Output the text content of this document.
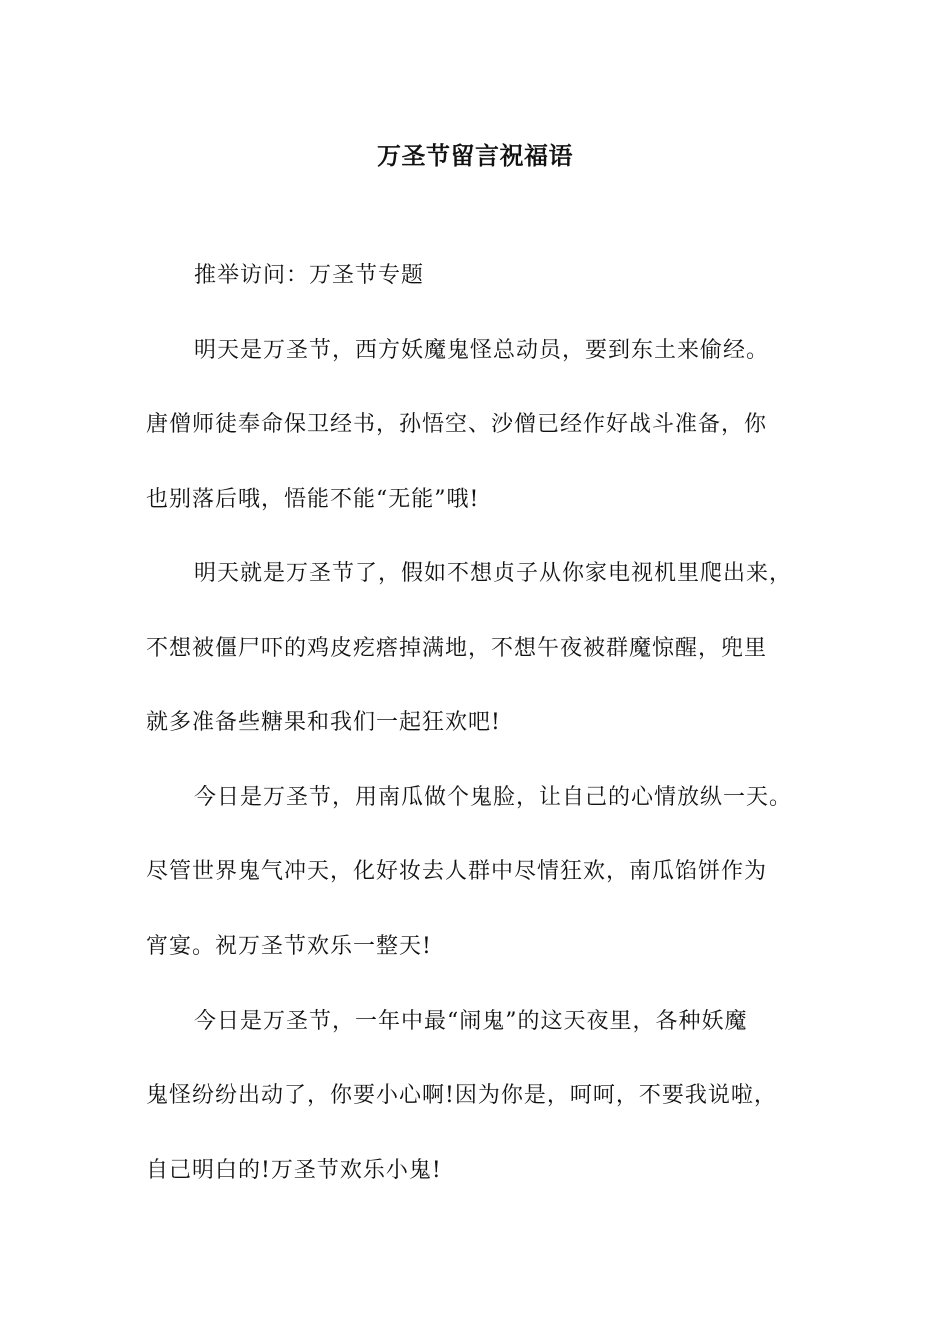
万圣节留言祝福语
推举访问：万圣节专题
明天是万圣节，西方妖魔鬼怪总动员，要到东土来偷经。
唐僧师徒奉命保卫经书，孙悟空、沙僧已经作好战斗准备，你
也别落后哦，悟能不能“无能”哦!
明天就是万圣节了，假如不想贞子从你家电视机里爬出来，
不想被僵尸吓的鸡皮疙瘩掉满地，不想午夜被群魔惊醒，兜里
就多准备些糖果和我们一起狂欢吧!
今日是万圣节，用南瓜做个鬼脸，让自己的心情放纵一天。
尽管世界鬼气冲天，化好妆去人群中尽情狂欢，南瓜馅饼作为
宵宴。祝万圣节欢乐一整天!
今日是万圣节，一年中最“闹鬼”的这天夜里，各种妖魔
鬼怪纷纷出动了，你要小心啊!因为你是，呵呵，不要我说啦，
自己明白的!万圣节欢乐小鬼!
